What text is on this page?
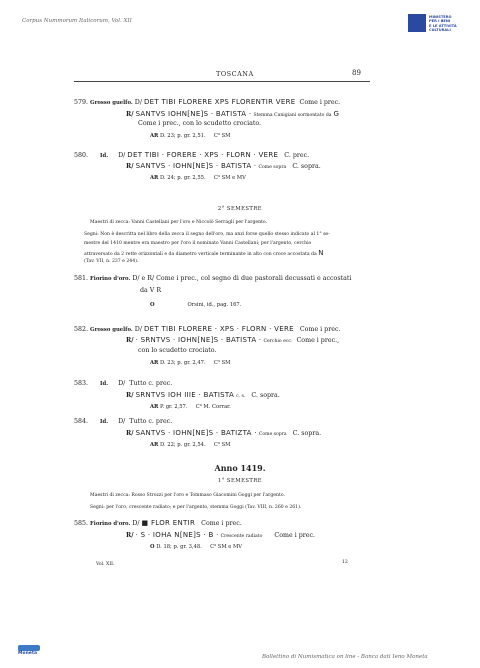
Corpus Nummorum Italicorum, Vol. XII
MINISTERO
PER I BENI
E LE ATTIVITÀ
CULTURALI
TOSCANA	89
579. Grosso guelfo. D/ DET TIBI FLORERE XPS FLORENTIR VERE Come i prec.
R/ SANTVS IOHN[NE]S · BATISTA · Stemma Canigiani sormontato da G
Come i prec., con lo scudetto crociato.
AR D. 23; p. gr. 2,51. C³ SM
580. Id. D/ DET TIBI · FORERE · XPS · FLORN · VERE C. prec.
R/ SANTVS · IOHN[NE]S · BATISTA · Come sopra C. sopra.
AR D. 24; p. gr. 2,55. C³ SM e MV
2° SEMESTRE
Maestri di zecca: Vanni Castellani per l'oro e Niccolò Serragli per l'argento.
Segni: Non è descritta nel libro della zecca il segno dell'oro, ma anzi forse quello stesso indicato al 1° se-
mestre del 1410 mentre era maestro per l'oro il nominato Vanni Castellani; per l'argento, cerchio
attraversato da 2 rette orizzontali e da diametro verticale terminante in alto con croce accostata da N
(Tav. VII, n. 237 e 244).
581. Fiorino d'oro. D/ e R/ Come i prec., col segno di due pastorali decussati e accostati
da V R
O	Orsini, id., pag. 167.
582. Grosso guelfo. D/ DET TIBI FLORERE · XPS · FLORN · VERE Come i prec.
R/ · SRNTVS · IOHN[NE]S · BATISTA · Cerchio ecc. Come i prec.,
con lo scudetto crociato.
AR D. 23; p. gr. 2,47. C³ SM
583. Id. D/ Tutto c. prec.
R/ SRNTVS IOH IIIE · BATISTA c. s. C. sopra.
AR P. gr. 2,57. C³ M. Corrar.
584. Id. D/ Tutto c. prec.
R/ SANTVS · IOHN[NE]S · BATIZTA · Come sopra C. sopra.
AR D. 22; p. gr. 2,54. C³ SM
Anno 1419.
1° SEMESTRE
Maestri di zecca: Rosso Strozzi per l'oro e Tommaso Giacomini Goggi per l'argento.
Segni: per l'oro, crescente radiato; e per l'argento, stemma Goggi (Tav. VIII, n. 260 e 261).
585. Fiorino d'oro. D/ ■ FLOR ENTIR Come i prec.
R/ · S · IOHA N[NE]S · B · Crescente radiato Come i prec.
O D. 18; p. gr. 3,48. C³ SM e MV
Vol. XII.	12
Moneta
Bollettino di Numismatica on line - Banca dati Ieno Moneta
